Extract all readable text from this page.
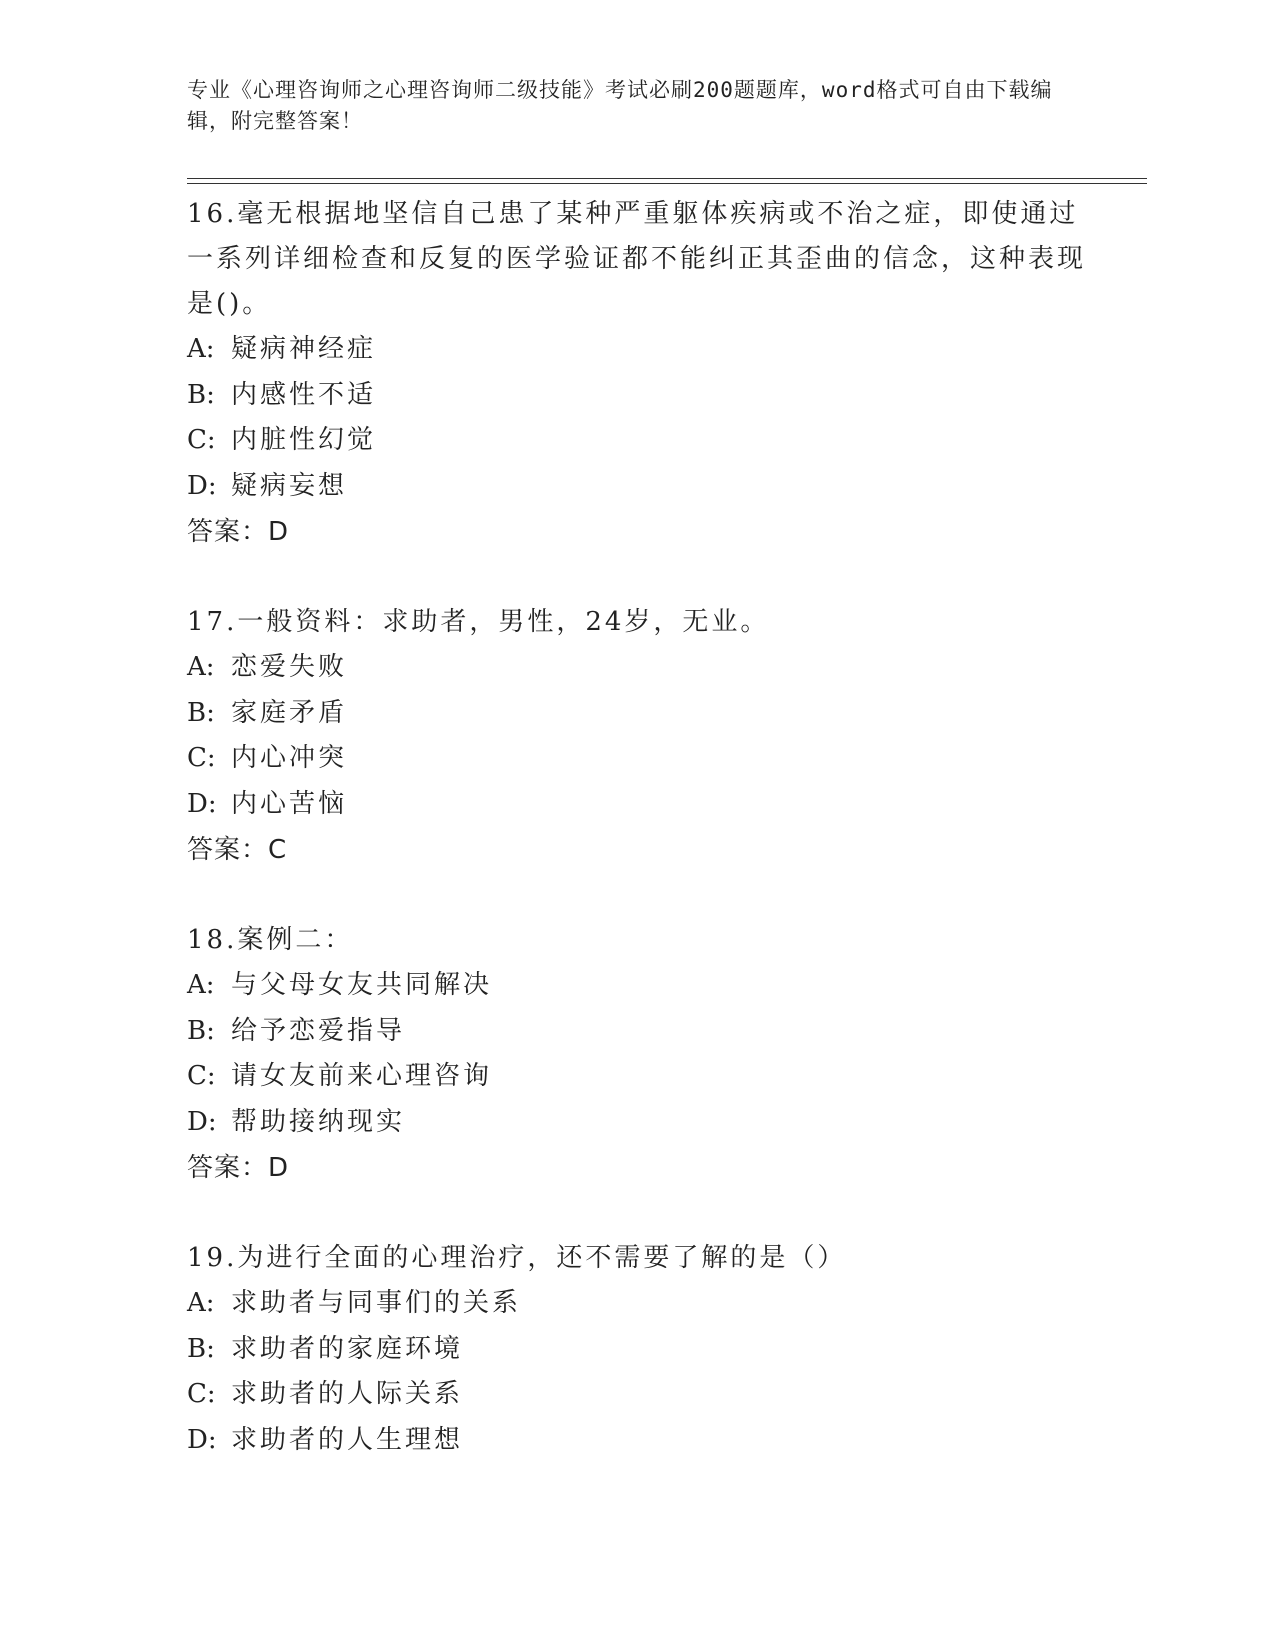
专业《心理咨询师之心理咨询师二级技能》考试必刷200题题库，word格式可自由下载编辑，附完整答案！

16.毫无根据地坚信自己患了某种严重躯体疾病或不治之症，即使通过一系列详细检查和反复的医学验证都不能纠正其歪曲的信念，这种表现是()。

A: 疑病神经症

B: 内感性不适

C: 内脏性幻觉

D: 疑病妄想

答案：D

17.一般资料：求助者，男性，24岁，无业。

A: 恋爱失败

B: 家庭矛盾

C: 内心冲突

D: 内心苦恼

答案：C

18.案例二：

A: 与父母女友共同解决

B: 给予恋爱指导

C: 请女友前来心理咨询

D: 帮助接纳现实

答案：D

19.为进行全面的心理治疗，还不需要了解的是（）

A: 求助者与同事们的关系

B: 求助者的家庭环境

C: 求助者的人际关系

D: 求助者的人生理想
